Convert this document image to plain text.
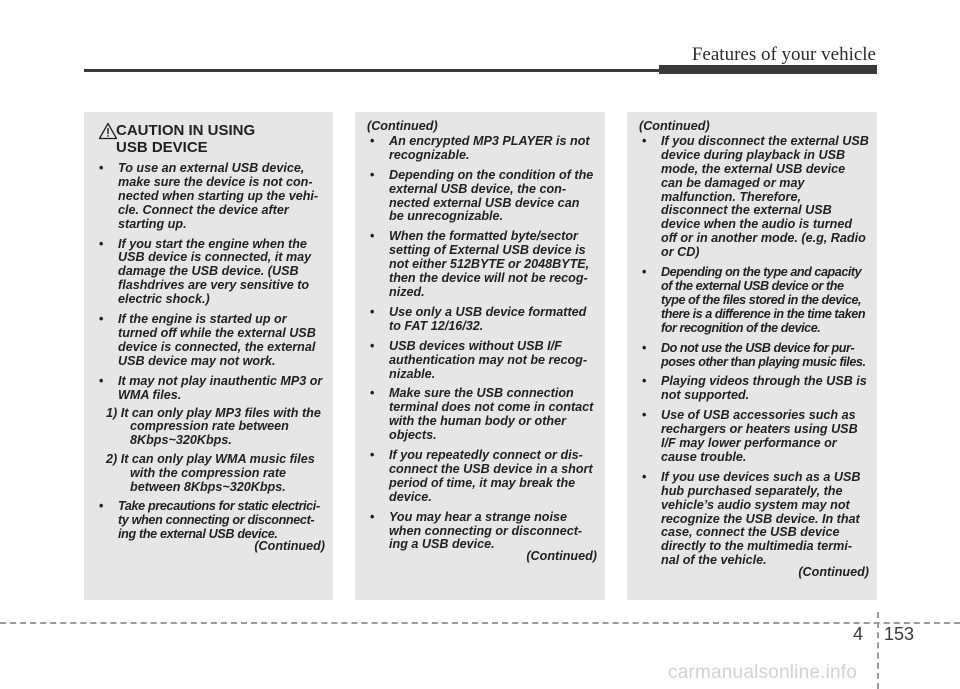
Features of your vehicle
CAUTION IN USING
USB DEVICE
• To use an external USB device, make sure the device is not con-nected when starting up the vehi-cle. Connect the device after starting up.
• If you start the engine when the USB device is connected, it may damage the USB device. (USB flashdrives are very sensitive to electric shock.)
• If the engine is started up or turned off while the external USB device is connected, the external USB device may not work.
• It may not play inauthentic MP3 or WMA files.
1) It can only play MP3 files with the compression rate between 8Kbps~320Kbps.
2) It can only play WMA music files with the compression rate between 8Kbps~320Kbps.
• Take precautions for static electrici-ty when connecting or disconnect-ing the external USB device.
(Continued)
(Continued)
• An encrypted MP3 PLAYER is not recognizable.
• Depending on the condition of the external USB device, the con-nected external USB device can be unrecognizable.
• When the formatted byte/sector setting of External USB device is not either 512BYTE or 2048BYTE, then the device will not be recog-nized.
• Use only a USB device formatted to FAT 12/16/32.
• USB devices without USB I/F authentication may not be recog-nizable.
• Make sure the USB connection terminal does not come in contact with the human body or other objects.
• If you repeatedly connect or dis-connect the USB device in a short period of time, it may break the device.
• You may hear a strange noise when connecting or disconnect-ing a USB device.
(Continued)
(Continued)
• If you disconnect the external USB device during playback in USB mode, the external USB device can be damaged or may malfunction. Therefore, disconnect the external USB device when the audio is turned off or in another mode. (e.g, Radio or CD)
• Depending on the type and capacity of the external USB device or the type of the files stored in the device, there is a difference in the time taken for recognition of the device.
• Do not use the USB device for pur-poses other than playing music files.
• Playing videos through the USB is not supported.
• Use of USB accessories such as rechargers or heaters using USB I/F may lower performance or cause trouble.
• If you use devices such as a USB hub purchased separately, the vehicle’s audio system may not recognize the USB device. In that case, connect the USB device directly to the multimedia termi-nal of the vehicle.
(Continued)
4 153
carmanualsonline.info
